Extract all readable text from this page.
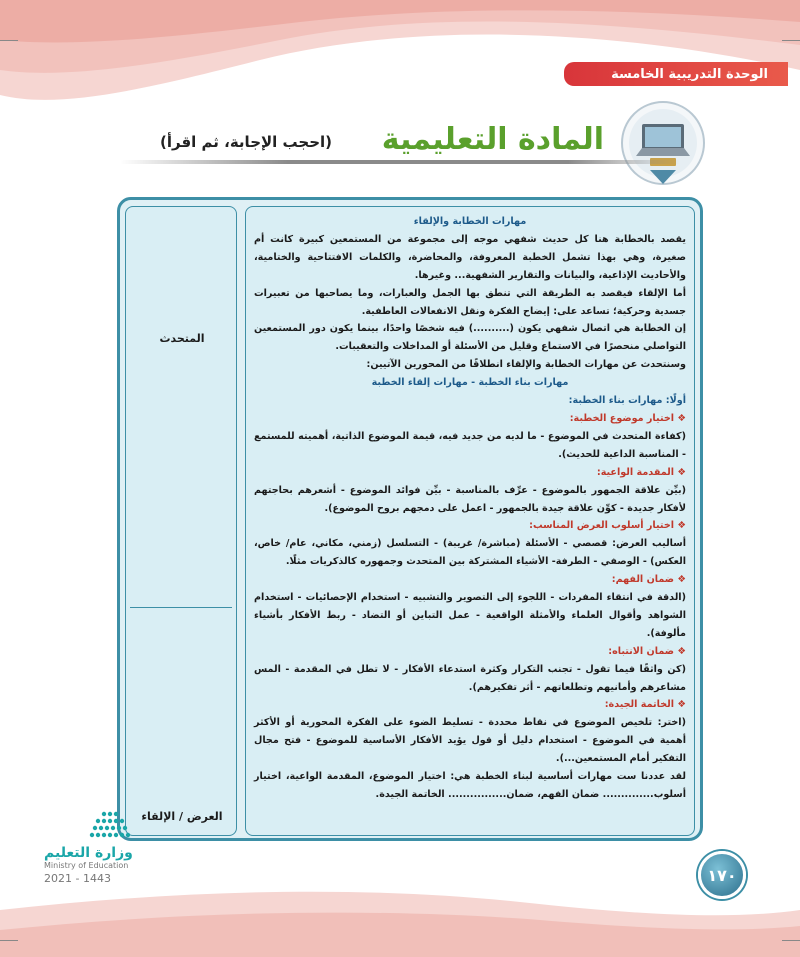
الوحدة التدريبية الخامسة
المادة التعليمية
(احجب الإجابة، ثم اقرأ)
المتحدث
العرض / الإلقاء

مهارات الخطابة والإلقاء

يقصد بالخطابة هنا كل حديث شفهي موجه إلى مجموعة من المستمعين كبيرة كانت أم صغيرة، وهي بهذا تشمل الخطبة المعروفة، والمحاضرة، والكلمات الافتتاحية والختامية، والأحاديث الإذاعية، والبيانات والتقارير الشفهية... وغيرها.

أما الإلقاء فيقصد به الطريقة التي تنطق بها الجمل والعبارات، وما يصاحبها من تعبيرات جسدية وحركية؛ تساعد على: إيضاح الفكرة ونقل الانفعالات العاطفية.

إن الخطابة هي اتصال شفهي يكون (..........) فيه شخصًا واحدًا، بينما يكون دور المستمعين التواصلي منحصرًا في الاستماع وقليل من الأسئلة أو المداخلات والتعقيبات.

وسنتحدث عن مهارات الخطابة والإلقاء انطلاقًا من المحورين الآتيين:

مهارات بناء الخطبة - مهارات إلقاء الخطبة

أولًا: مهارات بناء الخطبة:

❖ اختيار موضوع الخطبة:

(كفاءة المتحدث في الموضوع - ما لديه من جديد فيه، قيمة الموضوع الذاتية، أهميته للمستمع - المناسبة الداعية للحديث).

❖ المقدمة الواعية:

(بيِّن علاقة الجمهور بالموضوع - عرِّف بالمناسبة - بيِّن فوائد الموضوع - أشعرهم بحاجتهم لأفكار جديدة - كوِّن علاقة جيدة بالجمهور - اعمل على دمجهم بروح الموضوع).

❖ اختيار أسلوب العرض المناسب:

أساليب العرض: قصصي - الأسئلة (مباشرة/ غريبة) - التسلسل (زمني، مكاني، عام/ خاص، العكس) - الوصفي - الطرفة- الأشياء المشتركة بين المتحدث وجمهوره كالذكريات مثلًا.

❖ ضمان الفهم:

(الدقة في انتقاء المفردات - اللجوء إلى التصوير والتشبيه - استخدام الإحصائيات - استخدام الشواهد وأقوال العلماء والأمثلة الواقعية - عمل التباين أو التضاد - ربط الأفكار بأشياء مألوفة).

❖ ضمان الانتباه:

(كن واثقًا فيما تقول - تجنب التكرار وكثرة استدعاء الأفكار - لا تطل في المقدمة - المس مشاعرهم وأمانيهم وتطلعاتهم - أثر تفكيرهم).

❖ الخاتمة الجيدة:

(اختر: تلخيص الموضوع في نقاط محددة - تسليط الضوء على الفكرة المحورية أو الأكثر أهمية في الموضوع - استخدام دليل أو قول يؤيد الأفكار الأساسية للموضوع - فتح مجال التفكير أمام المستمعين...).

لقد عددنا ست مهارات أساسية لبناء الخطبة هي: اختيار الموضوع، المقدمة الواعية، اختيار أسلوب.............. ضمان الفهم، ضمان................ الخاتمة الجيدة.

وزارة التعليم
Ministry of Education
2021 - 1443	١٧٠
